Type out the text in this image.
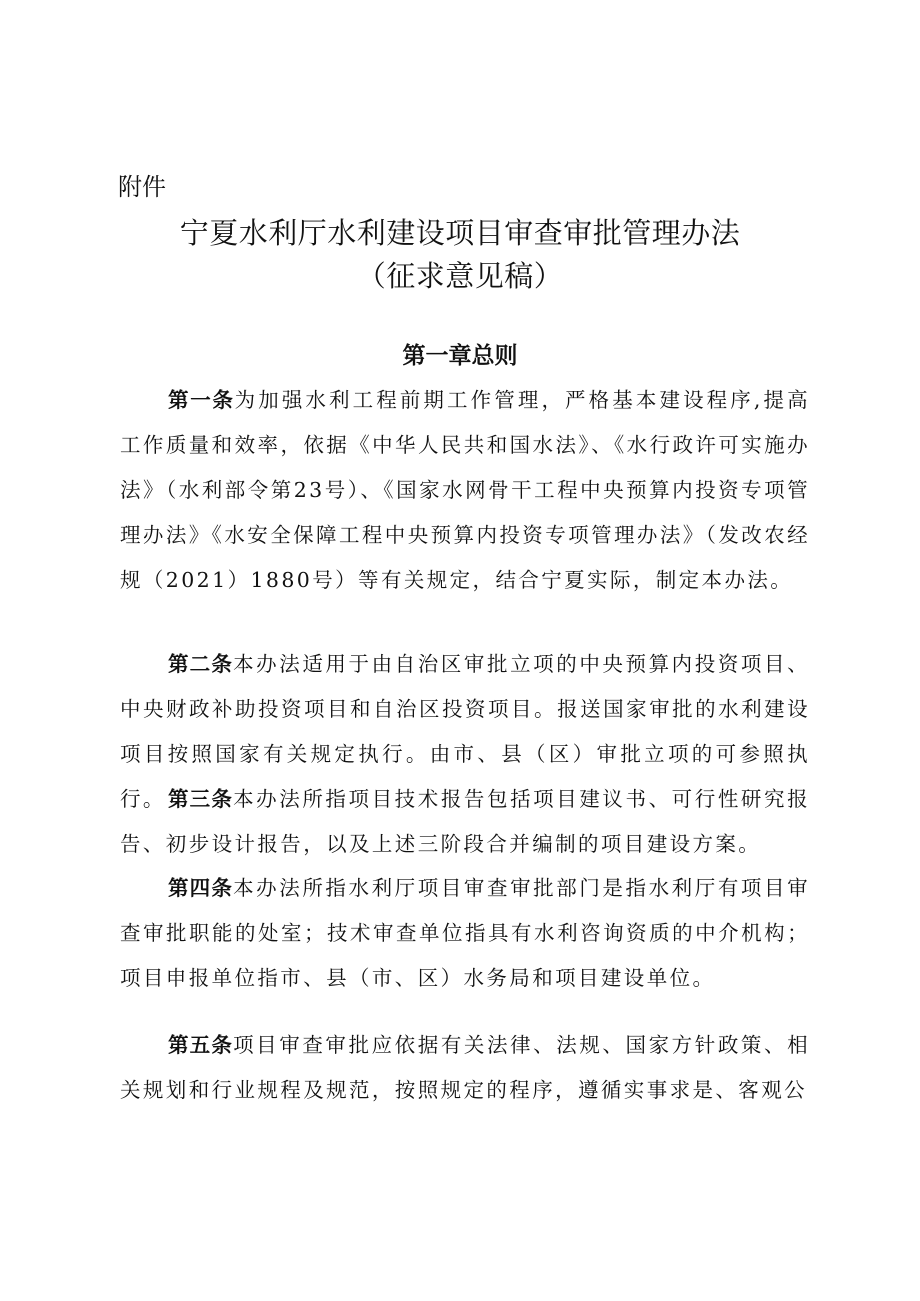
附件
宁夏水利厅水利建设项目审查审批管理办法
（征求意见稿）
第一章总则

第一条为加强水利工程前期工作管理，严格基本建设程序,提高工作质量和效率，依据《中华人民共和国水法》、《水行政许可实施办法》（水利部令第23号）、《国家水网骨干工程中央预算内投资专项管理办法》《水安全保障工程中央预算内投资专项管理办法》（发改农经规（2021）1880号）等有关规定，结合宁夏实际，制定本办法。

第二条本办法适用于由自治区审批立项的中央预算内投资项目、中央财政补助投资项目和自治区投资项目。报送国家审批的水利建设项目按照国家有关规定执行。由市、县（区）审批立项的可参照执行。 第三条本办法所指项目技术报告包括项目建议书、可行性研究报告、初步设计报告，以及上述三阶段合并编制的项目建设方案。

第四条本办法所指水利厅项目审查审批部门是指水利厅有项目审查审批职能的处室；技术审查单位指具有水利咨询资质的中介机构；项目申报单位指市、县（市、区）水务局和项目建设单位。

第五条项目审查审批应依据有关法律、法规、国家方针政策、相关规划和行业规程及规范，按照规定的程序，遵循实事求是、客观公
